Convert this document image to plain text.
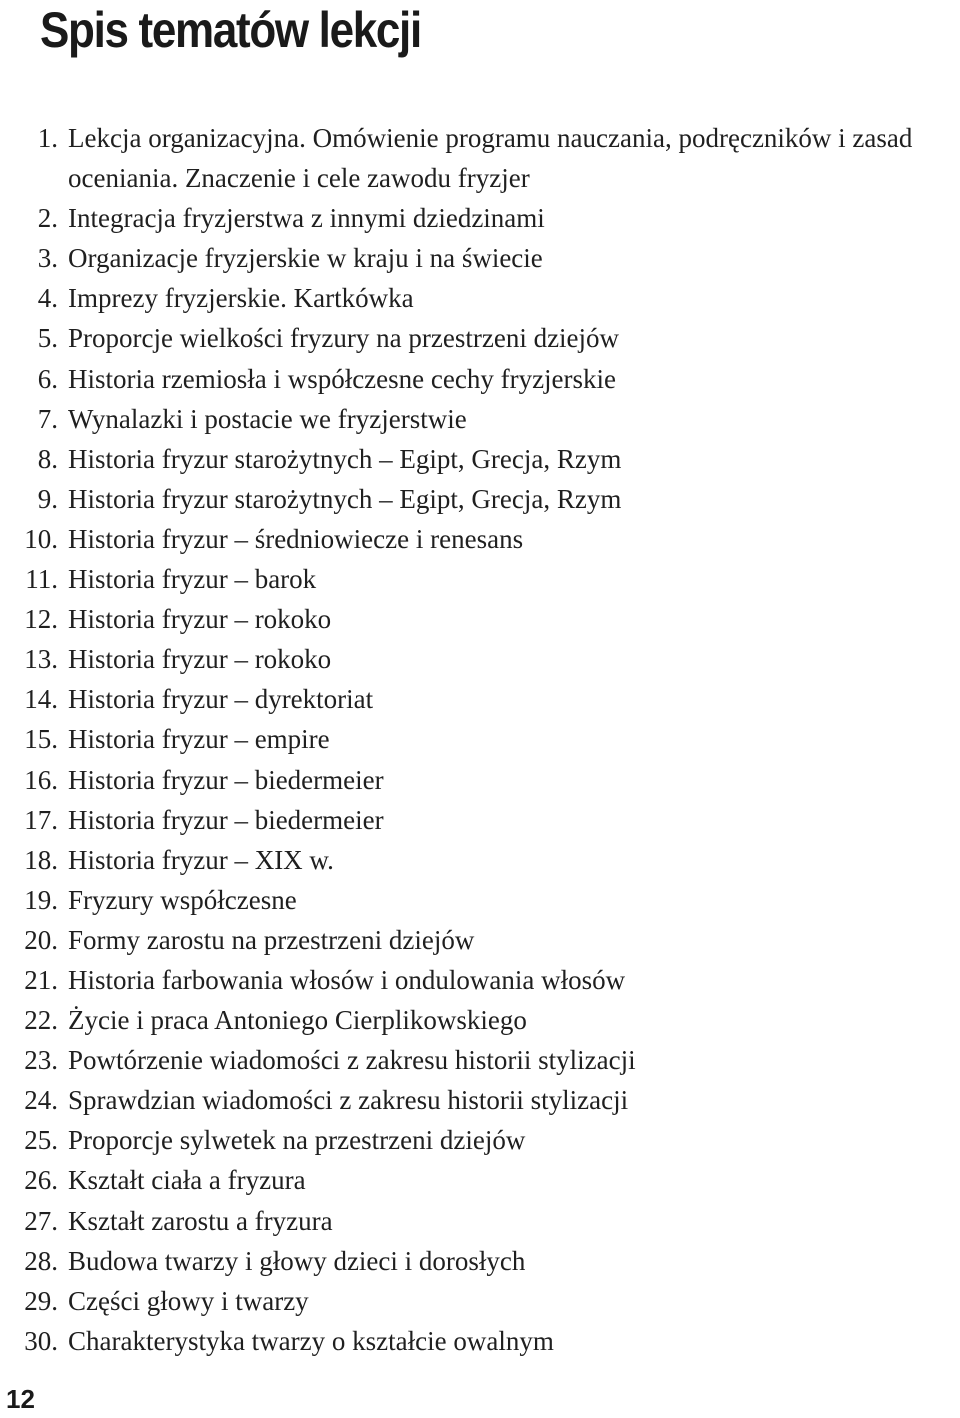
Spis tematów lekcji
1. Lekcja organizacyjna. Omówienie programu nauczania, podręczników i zasad oceniania. Znaczenie i cele zawodu fryzjer
2. Integracja fryzjerstwa z innymi dziedzinami
3. Organizacje fryzjerskie w kraju i na świecie
4. Imprezy fryzjerskie. Kartkówka
5. Proporcje wielkości fryzury na przestrzeni dziejów
6. Historia rzemiosła i współczesne cechy fryzjerskie
7. Wynalazki i postacie we fryzjerstwie
8. Historia fryzur starożytnych – Egipt, Grecja, Rzym
9. Historia fryzur starożytnych – Egipt, Grecja, Rzym
10. Historia fryzur – średniowiecze i renesans
11. Historia fryzur – barok
12. Historia fryzur – rokoko
13. Historia fryzur – rokoko
14. Historia fryzur – dyrektoriat
15. Historia fryzur – empire
16. Historia fryzur – biedermeier
17. Historia fryzur – biedermeier
18. Historia fryzur – XIX w.
19. Fryzury współczesne
20. Formy zarostu na przestrzeni dziejów
21. Historia farbowania włosów i ondulowania włosów
22. Życie i praca Antoniego Cierplikowskiego
23. Powtórzenie wiadomości z zakresu historii stylizacji
24. Sprawdzian wiadomości z zakresu historii stylizacji
25. Proporcje sylwetek na przestrzeni dziejów
26. Kształt ciała a fryzura
27. Kształt zarostu a fryzura
28. Budowa twarzy i głowy dzieci i dorosłych
29. Części głowy i twarzy
30. Charakterystyka twarzy o kształcie owalnym
12
